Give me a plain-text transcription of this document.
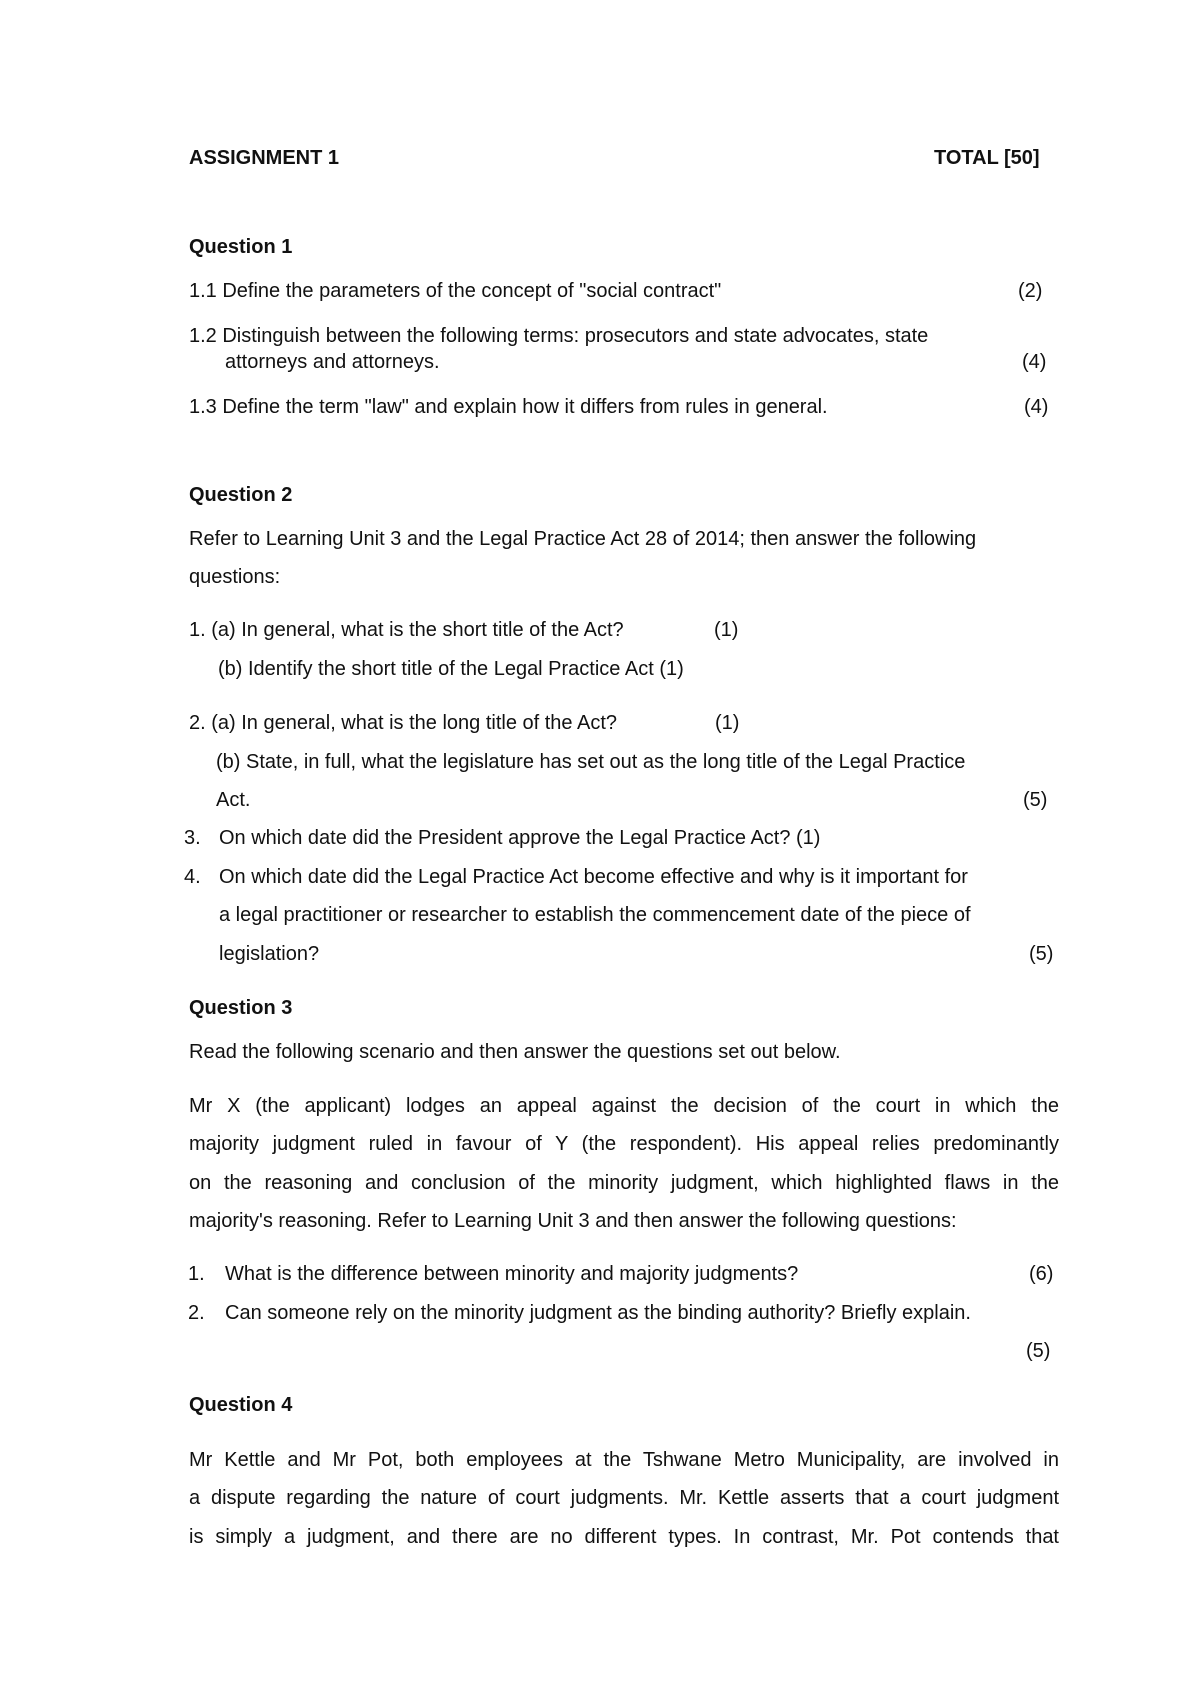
ASSIGNMENT 1	TOTAL [50]
Question 1
1.1 Define the parameters of the concept of "social contract"	(2)
1.2 Distinguish between the following terms: prosecutors and state advocates, state
attorneys and attorneys.	(4)
1.3 Define the term "law" and explain how it differs from rules in general.	(4)
Question 2
Refer to Learning Unit 3 and the Legal Practice Act 28 of 2014; then answer the following
questions:
1. (a) In general, what is the short title of the Act?	(1)
(b) Identify the short title of the Legal Practice Act (1)
2. (a) In general, what is the long title of the Act?	(1)
(b) State, in full, what the legislature has set out as the long title of the Legal Practice
Act.	(5)
3. On which date did the President approve the Legal Practice Act? (1)
4. On which date did the Legal Practice Act become effective and why is it important for
a legal practitioner or researcher to establish the commencement date of the piece of
legislation?	(5)
Question 3
Read the following scenario and then answer the questions set out below.
Mr X (the applicant) lodges an appeal against the decision of the court in which the
majority judgment ruled in favour of Y (the respondent). His appeal relies predominantly
on the reasoning and conclusion of the minority judgment, which highlighted flaws in the
majority's reasoning. Refer to Learning Unit 3 and then answer the following questions:
1. What is the difference between minority and majority judgments?	(6)
2. Can someone rely on the minority judgment as the binding authority? Briefly explain.
(5)
Question 4
Mr Kettle and Mr Pot, both employees at the Tshwane Metro Municipality, are involved in
a dispute regarding the nature of court judgments. Mr. Kettle asserts that a court judgment
is simply a judgment, and there are no different types. In contrast, Mr. Pot contends that
